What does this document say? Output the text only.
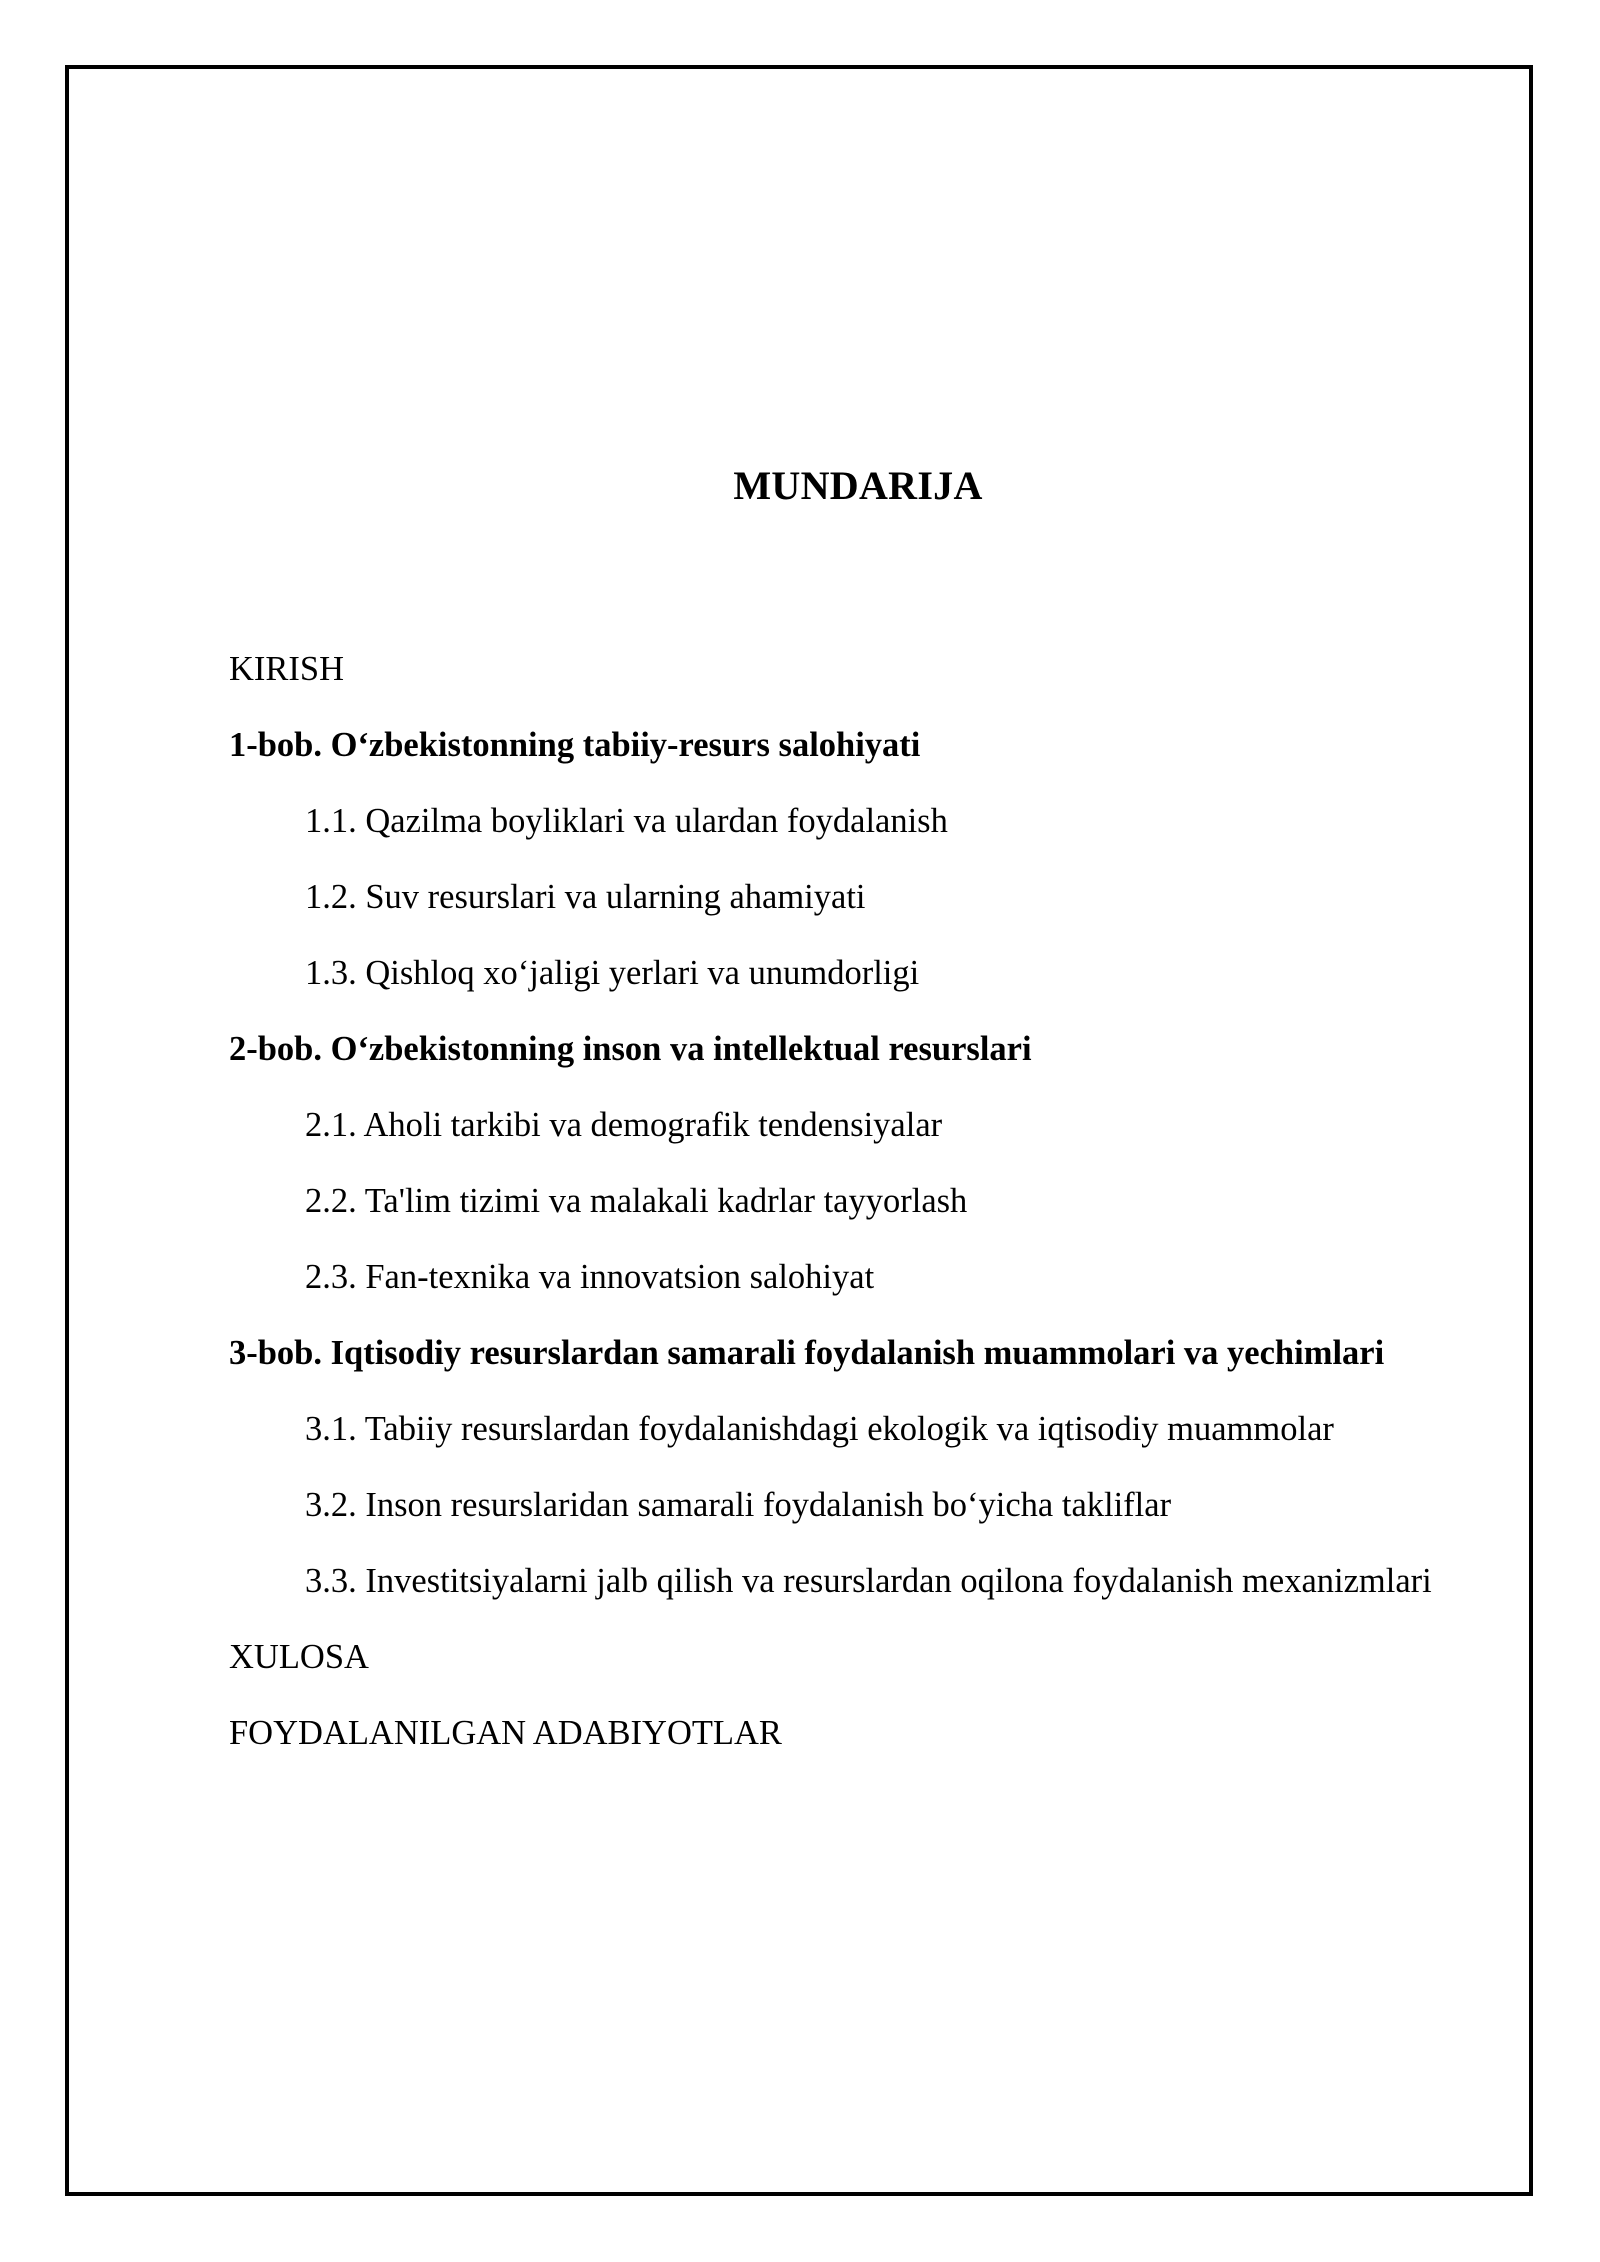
MUNDARIJA
KIRISH
1-bob. O‘zbekistonning tabiiy-resurs salohiyati
1.1. Qazilma boyliklari va ulardan foydalanish
1.2. Suv resurslari va ularning ahamiyati
1.3. Qishloq xo‘jaligi yerlari va unumdorligi
2-bob. O‘zbekistonning inson va intellektual resurslari
2.1. Aholi tarkibi va demografik tendensiyalar
2.2. Ta'lim tizimi va malakali kadrlar tayyorlash
2.3. Fan-texnika va innovatsion salohiyat
3-bob. Iqtisodiy resurslardan samarali foydalanish muammolari va yechimlari
3.1. Tabiiy resurslardan foydalanishdagi ekologik va iqtisodiy muammolar
3.2. Inson resurslaridan samarali foydalanish bo‘yicha takliflar
3.3. Investitsiyalarni jalb qilish va resurslardan oqilona foydalanish mexanizmlari
XULOSA
FOYDALANILGAN ADABIYOTLAR
